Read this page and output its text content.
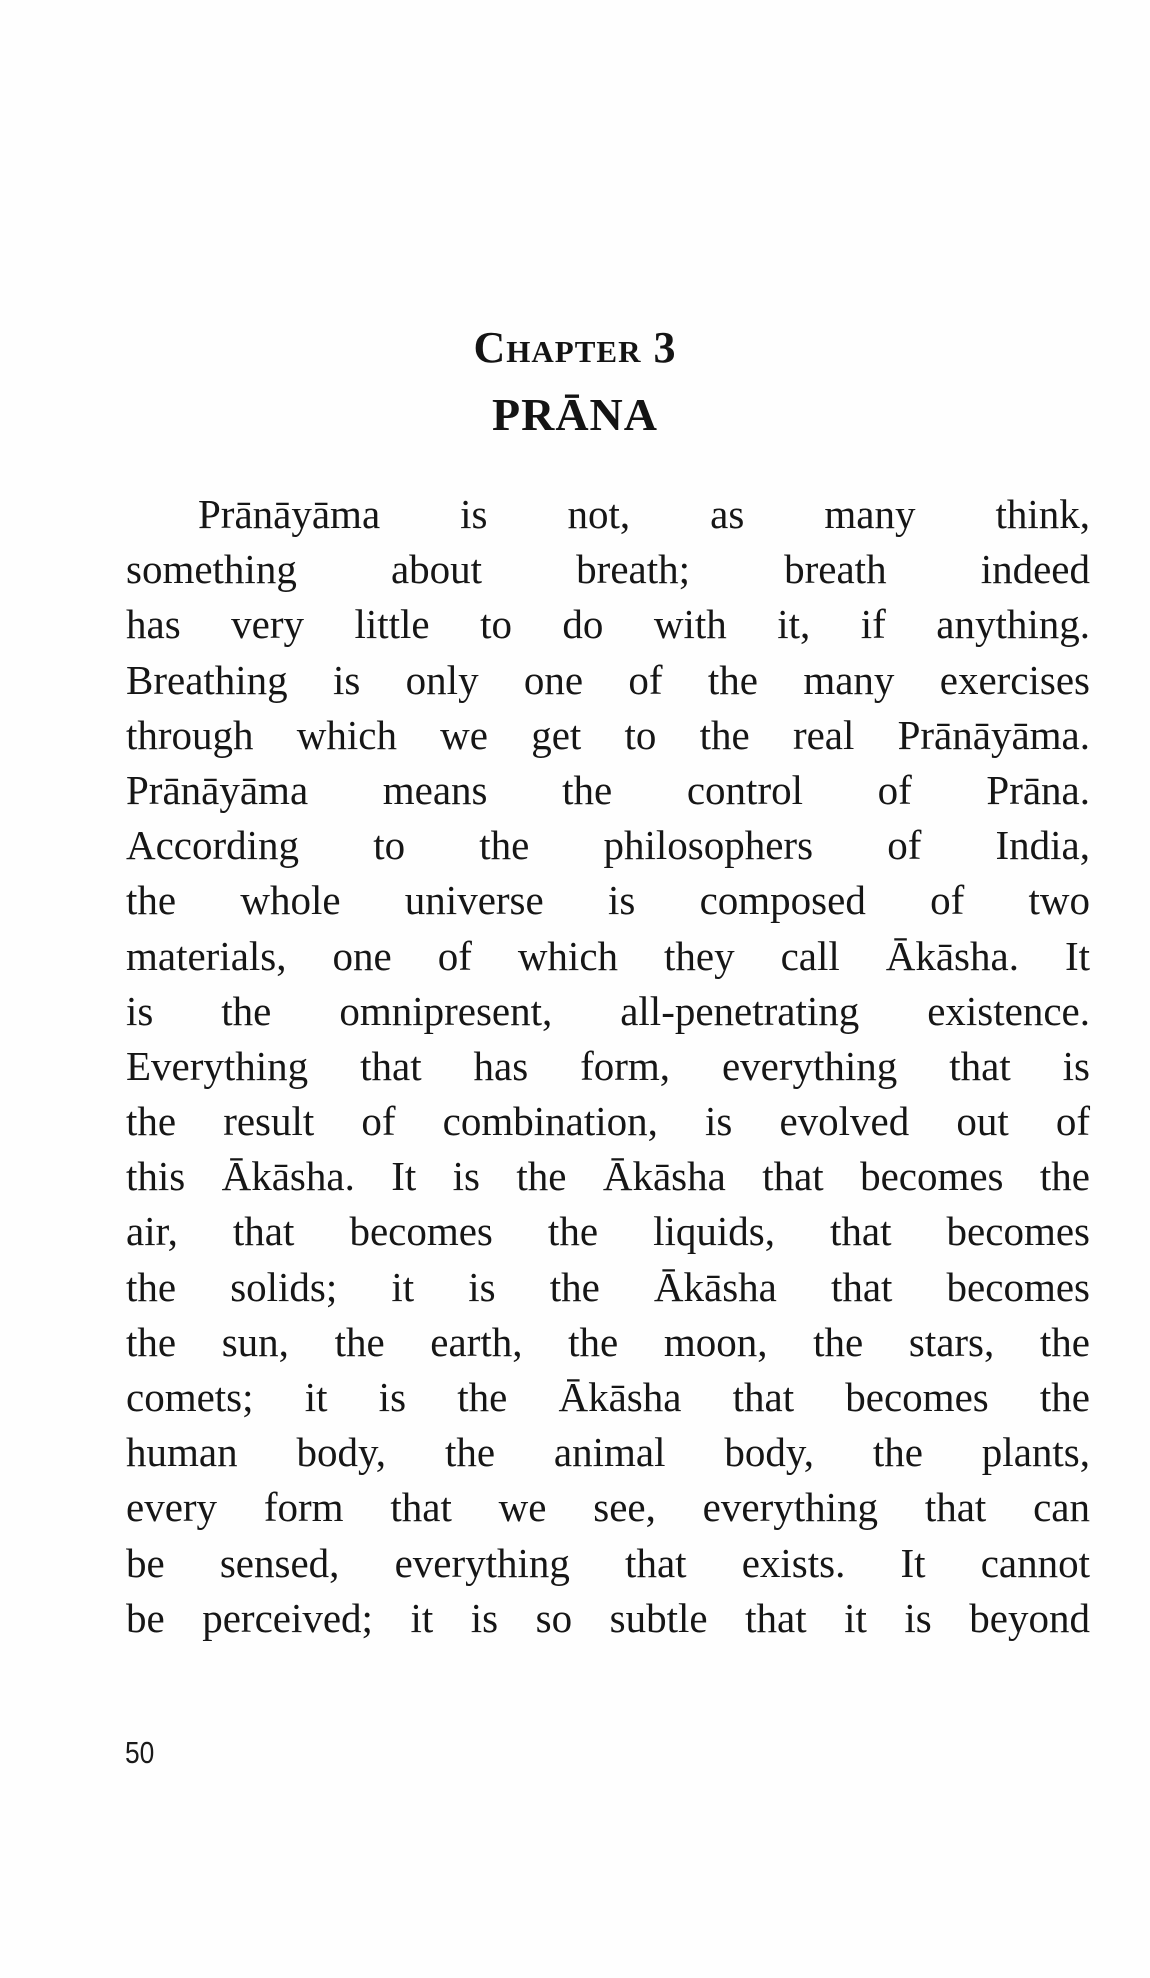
Chapter 3
PRĀNA
Prānāyāma is not, as many think,
something about breath; breath indeed
has very little to do with it, if anything.
Breathing is only one of the many exercises
through which we get to the real Prānāyāma.
Prānāyāma means the control of Prāna.
According to the philosophers of India,
the whole universe is composed of two
materials, one of which they call Ākāsha. It
is the omnipresent, all-penetrating existence.
Everything that has form, everything that is
the result of combination, is evolved out of
this Ākāsha. It is the Ākāsha that becomes the
air, that becomes the liquids, that becomes
the solids; it is the Ākāsha that becomes
the sun, the earth, the moon, the stars, the
comets; it is the Ākāsha that becomes the
human body, the animal body, the plants,
every form that we see, everything that can
be sensed, everything that exists. It cannot
be perceived; it is so subtle that it is beyond
50
